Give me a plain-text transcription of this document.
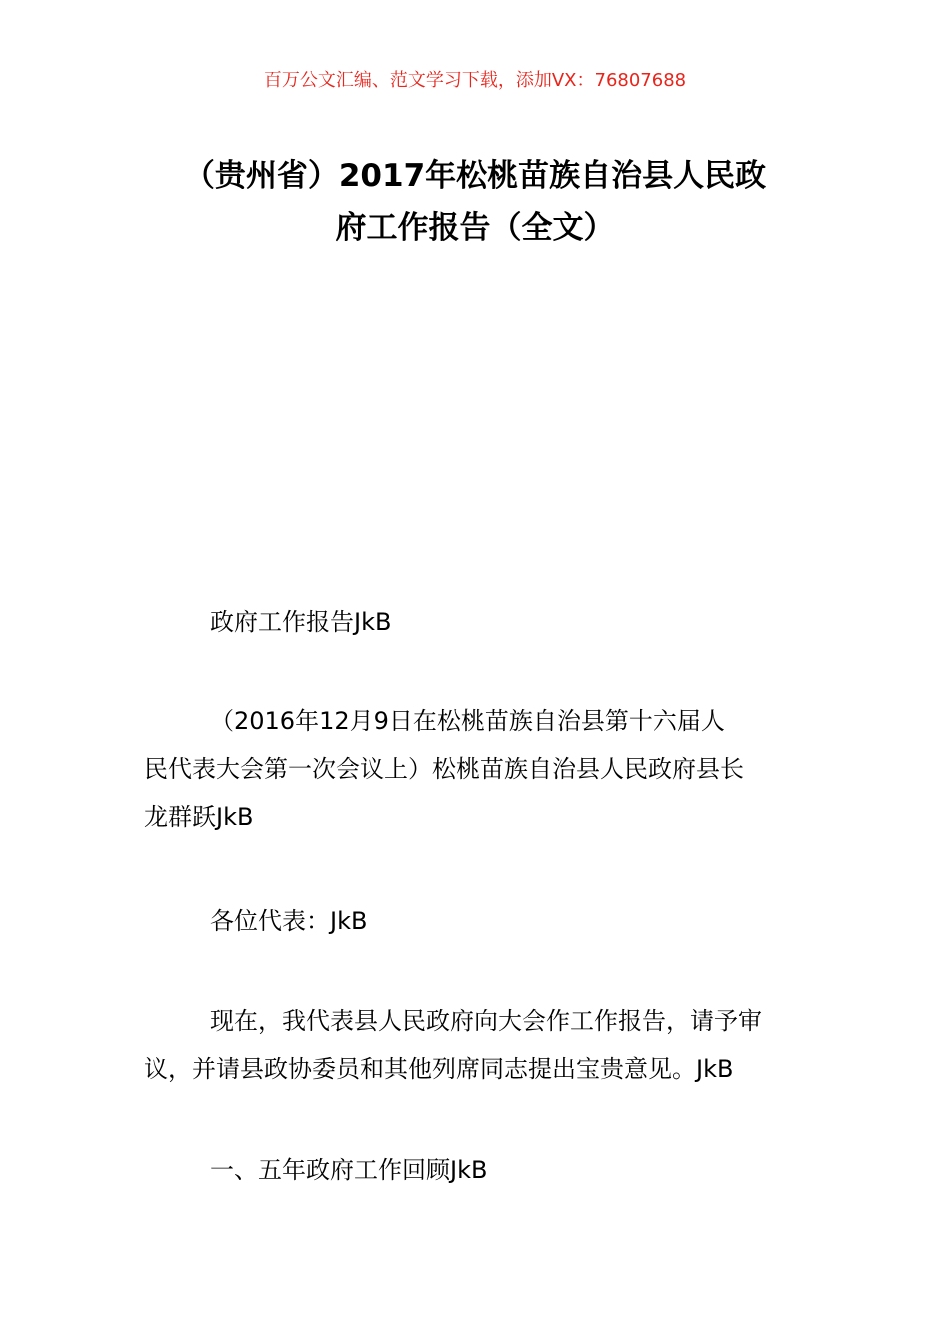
百万公文汇编、范文学习下载，添加VX：76807688
（贵州省）2017年松桃苗族自治县人民政
府工作报告（全文）
政府工作报告JkB
（2016年12月9日在松桃苗族自治县第十六届人
民代表大会第一次会议上）松桃苗族自治县人民政府县长
龙群跃JkB
各位代表：JkB
现在，我代表县人民政府向大会作工作报告，请予审议，并请县政协委员和其他列席同志提出宝贵意见。JkB
一、五年政府工作回顾JkB
